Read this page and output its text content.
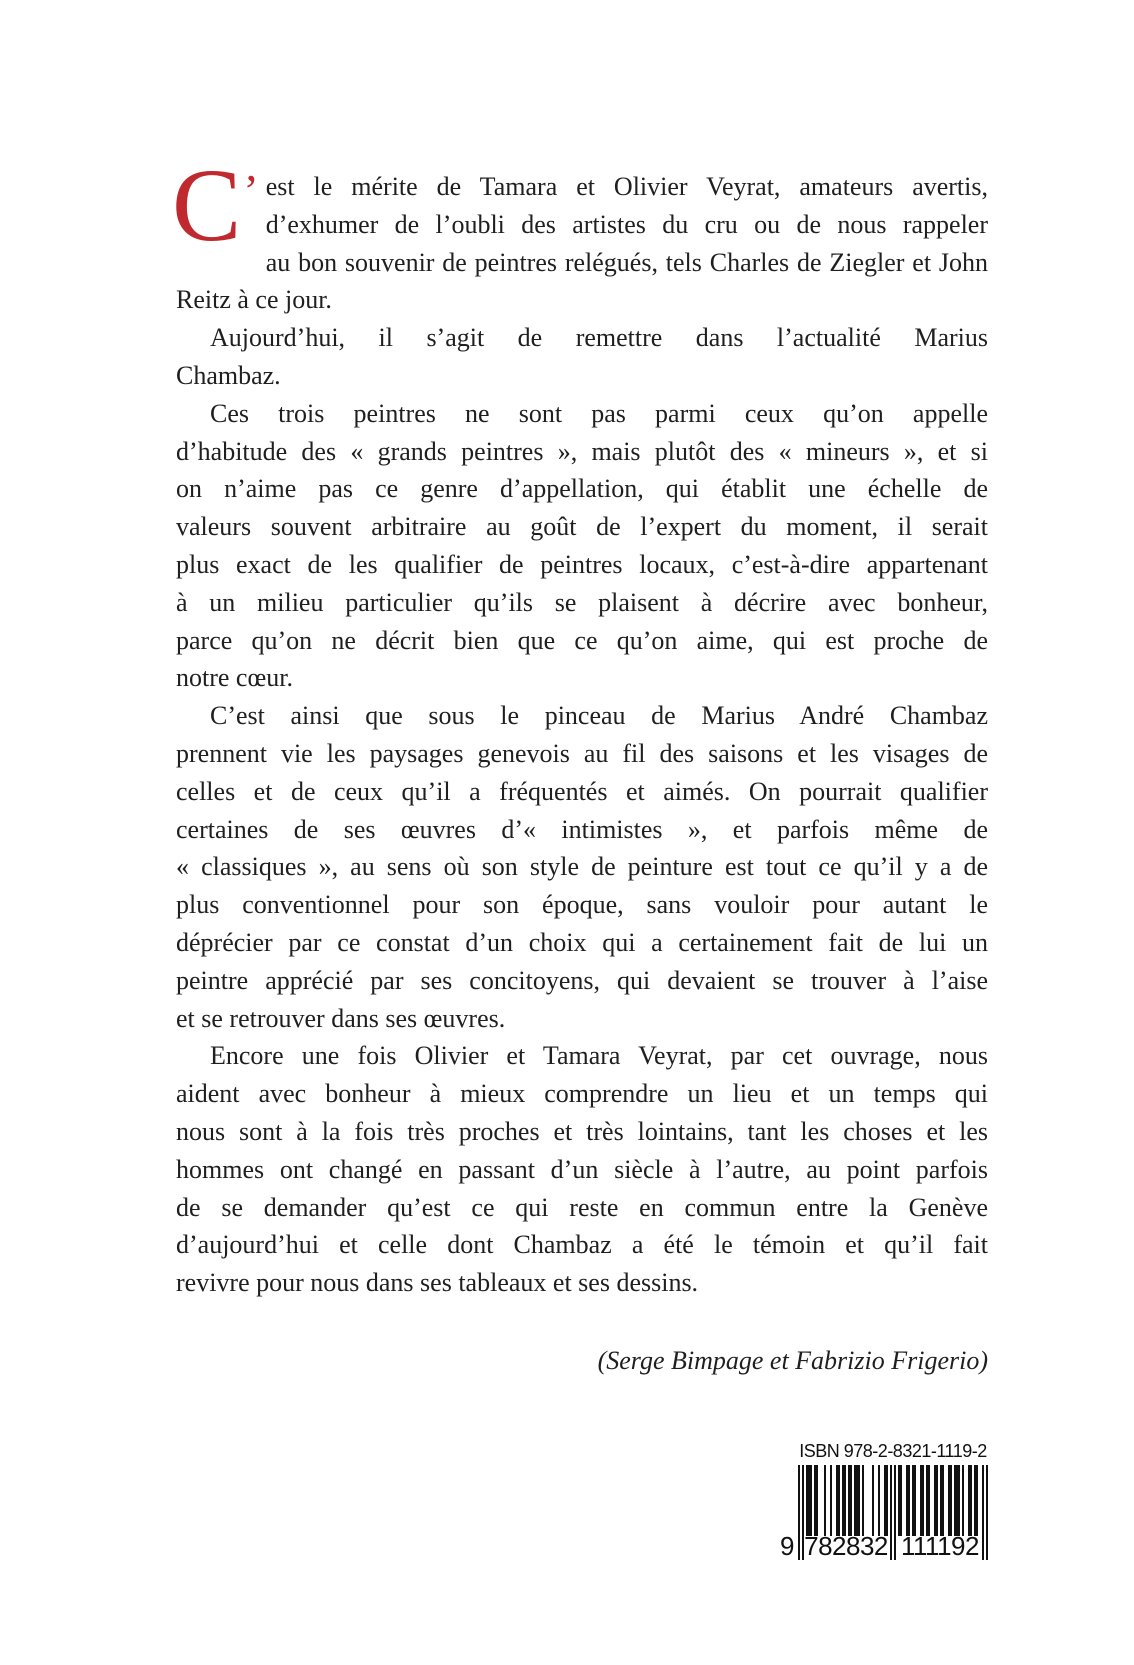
C’ est le mérite de Tamara et Olivier Veyrat, amateurs avertis,
d’exhumer de l’oubli des artistes du cru ou de nous rappeler
au bon souvenir de peintres relégués, tels Charles de Ziegler et John
Reitz à ce jour.
Aujourd’hui, il s’agit de remettre dans l’actualité Marius
Chambaz.
Ces trois peintres ne sont pas parmi ceux qu’on appelle
d’habitude des « grands peintres », mais plutôt des « mineurs », et si
on n’aime pas ce genre d’appellation, qui établit une échelle de
valeurs souvent arbitraire au goût de l’expert du moment, il serait
plus exact de les qualifier de peintres locaux, c’est-à-dire appartenant
à un milieu particulier qu’ils se plaisent à décrire avec bonheur,
parce qu’on ne décrit bien que ce qu’on aime, qui est proche de
notre cœur.
C’est ainsi que sous le pinceau de Marius André Chambaz
prennent vie les paysages genevois au fil des saisons et les visages de
celles et de ceux qu’il a fréquentés et aimés. On pourrait qualifier
certaines de ses œuvres d’« intimistes », et parfois même de
« classiques », au sens où son style de peinture est tout ce qu’il y a de
plus conventionnel pour son époque, sans vouloir pour autant le
déprécier par ce constat d’un choix qui a certainement fait de lui un
peintre apprécié par ses concitoyens, qui devaient se trouver à l’aise
et se retrouver dans ses œuvres.
Encore une fois Olivier et Tamara Veyrat, par cet ouvrage, nous
aident avec bonheur à mieux comprendre un lieu et un temps qui
nous sont à la fois très proches et très lointains, tant les choses et les
hommes ont changé en passant d’un siècle à l’autre, au point parfois
de se demander qu’est ce qui reste en commun entre la Genève
d’aujourd’hui et celle dont Chambaz a été le témoin et qu’il fait
revivre pour nous dans ses tableaux et ses dessins.
(Serge Bimpage et Fabrizio Frigerio)
ISBN 978-2-8321-1119-2
9 782832 111192
